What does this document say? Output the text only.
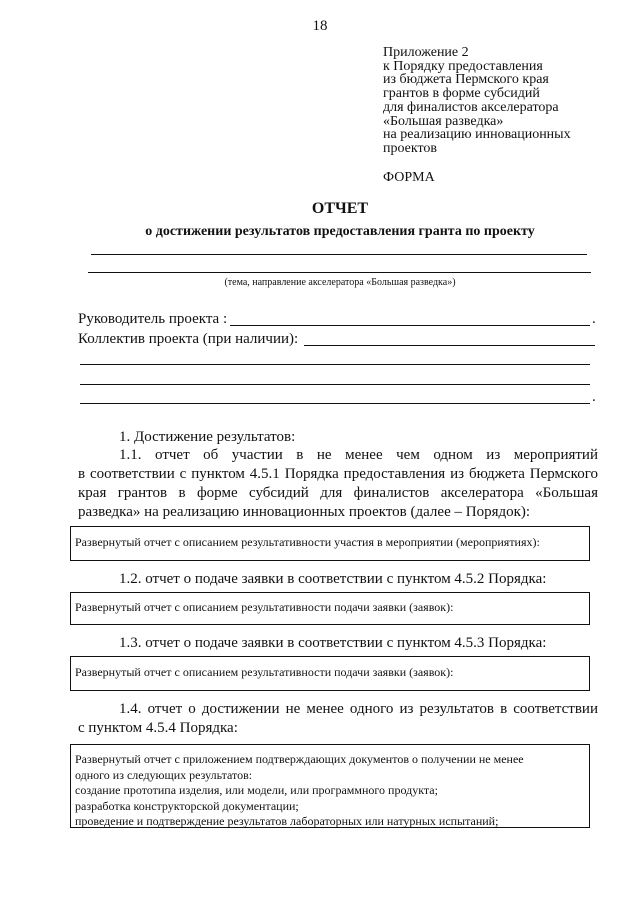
18
Приложение 2
к Порядку предоставления
из бюджета Пермского края
грантов в форме субсидий
для финалистов акселератора
«Большая разведка»
на реализацию инновационных
проектов
ФОРМА
ОТЧЕТ
о достижении результатов предоставления гранта по проекту
(тема, направление акселератора «Большая разведка»)
Руководитель проекта :	.
Коллектив проекта (при наличии):
.
1. Достижение результатов:
1.1. отчет об участии в не менее чем одном из мероприятий
в соответствии с пунктом 4.5.1 Порядка предоставления из бюджета Пермского
края грантов в форме субсидий для финалистов акселератора «Большая
разведка» на реализацию инновационных проектов (далее – Порядок):
Развернутый отчет с описанием результативности участия в мероприятии (мероприятиях):
1.2. отчет о подаче заявки в соответствии с пунктом 4.5.2 Порядка:
Развернутый отчет с описанием результативности подачи заявки (заявок):
1.3. отчет о подаче заявки в соответствии с пунктом 4.5.3 Порядка:
Развернутый отчет с описанием результативности подачи заявки (заявок):
1.4. отчет о достижении не менее одного из результатов в соответствии
с пунктом 4.5.4 Порядка:
Развернутый отчет с приложением подтверждающих документов о получении не менее
одного из следующих результатов:
создание прототипа изделия, или модели, или программного продукта;
разработка конструкторской документации;
проведение и подтверждение результатов лабораторных или натурных испытаний;
